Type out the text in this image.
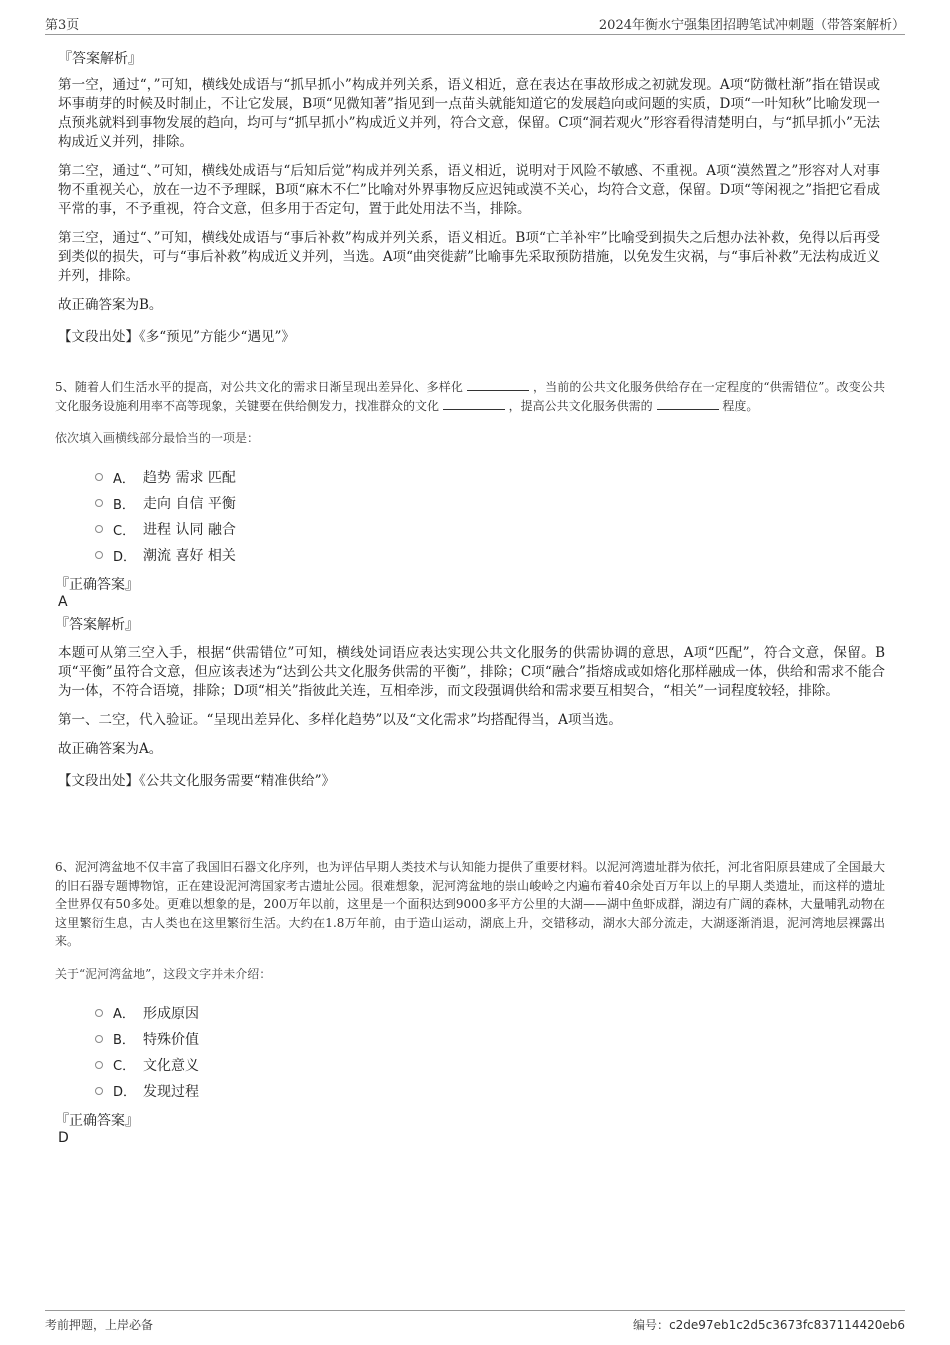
第3页	2024年衡水宁强集团招聘笔试冲刺题（带答案解析）
『答案解析』

第一空，通过“，”可知，横线处成语与“抓早抓小”构成并列关系，语义相近，意在表达在事故形成之初就发现。A项“防微杜渐”指在错误或坏事萌芽的时候及时制止，不让它发展，B项“见微知著”指见到一点苗头就能知道它的发展趋向或问题的实质，D项“一叶知秋”比喻发现一点预兆就料到事物发展的趋向，均可与“抓早抓小”构成近义并列，符合文意，保留。C项“洞若观火”形容看得清楚明白，与“抓早抓小”无法构成近义并列，排除。

第二空，通过“、”可知，横线处成语与“后知后觉”构成并列关系，语义相近，说明对于风险不敏感、不重视。A项“漠然置之”形容对人对事物不重视关心，放在一边不予理睬，B项“麻木不仁”比喻对外界事物反应迟钝或漠不关心，均符合文意，保留。D项“等闲视之”指把它看成平常的事，不予重视，符合文意，但多用于否定句，置于此处用法不当，排除。

第三空，通过“、”可知，横线处成语与“事后补救”构成并列关系，语义相近。B项“亡羊补牢”比喻受到损失之后想办法补救，免得以后再受到类似的损失，可与“事后补救”构成近义并列，当选。A项“曲突徙薪”比喻事先采取预防措施，以免发生灾祸，与“事后补救”无法构成近义并列，排除。

故正确答案为B。

【文段出处】《多“预见”方能少“遇见”》

5、随着人们生活水平的提高，对公共文化的需求日渐呈现出差异化、多样化	，当前的公共文化服务供给存在一定程度的“供需错位”。改变公共文化服务设施利用率不高等现象，关键要在供给侧发力，找准群众的文化	，提高公共文化服务供需的	程度。

依次填入画横线部分最恰当的一项是：
A． 趋势 需求 匹配
B． 走向 自信 平衡
C． 进程 认同 融合
D． 潮流 喜好 相关
『正确答案』
A
『答案解析』

本题可从第三空入手，根据“供需错位”可知，横线处词语应表达实现公共文化服务的供需协调的意思，A项“匹配”，符合文意，保留。B项“平衡”虽符合文意，但应该表述为“达到公共文化服务供需的平衡”，排除；C项“融合”指熔成或如熔化那样融成一体，供给和需求不能合为一体，不符合语境，排除；D项“相关”指彼此关连，互相牵涉，而文段强调供给和需求要互相契合，“相关”一词程度较轻，排除。

第一、二空，代入验证。“呈现出差异化、多样化趋势”以及“文化需求”均搭配得当，A项当选。

故正确答案为A。

【文段出处】《公共文化服务需要“精准供给”》

6、泥河湾盆地不仅丰富了我国旧石器文化序列，也为评估早期人类技术与认知能力提供了重要材料。以泥河湾遗址群为依托，河北省阳原县建成了全国最大的旧石器专题博物馆，正在建设泥河湾国家考古遗址公园。很难想象，泥河湾盆地的崇山峻岭之内遍布着40余处百万年以上的早期人类遗址，而这样的遗址全世界仅有50多处。更难以想象的是，200万年以前，这里是一个面积达到9000多平方公里的大湖——湖中鱼虾成群，湖边有广阔的森林，大量哺乳动物在这里繁衍生息，古人类也在这里繁衍生活。大约在1.8万年前，由于造山运动，湖底上升，交错移动，湖水大部分流走，大湖逐渐消退，泥河湾地层裸露出来。

关于“泥河湾盆地”，这段文字并未介绍：
A． 形成原因
B． 特殊价值
C． 文化意义
D． 发现过程
『正确答案』
D
考前押题，上岸必备	编号：c2de97eb1c2d5c3673fc837114420eb6
